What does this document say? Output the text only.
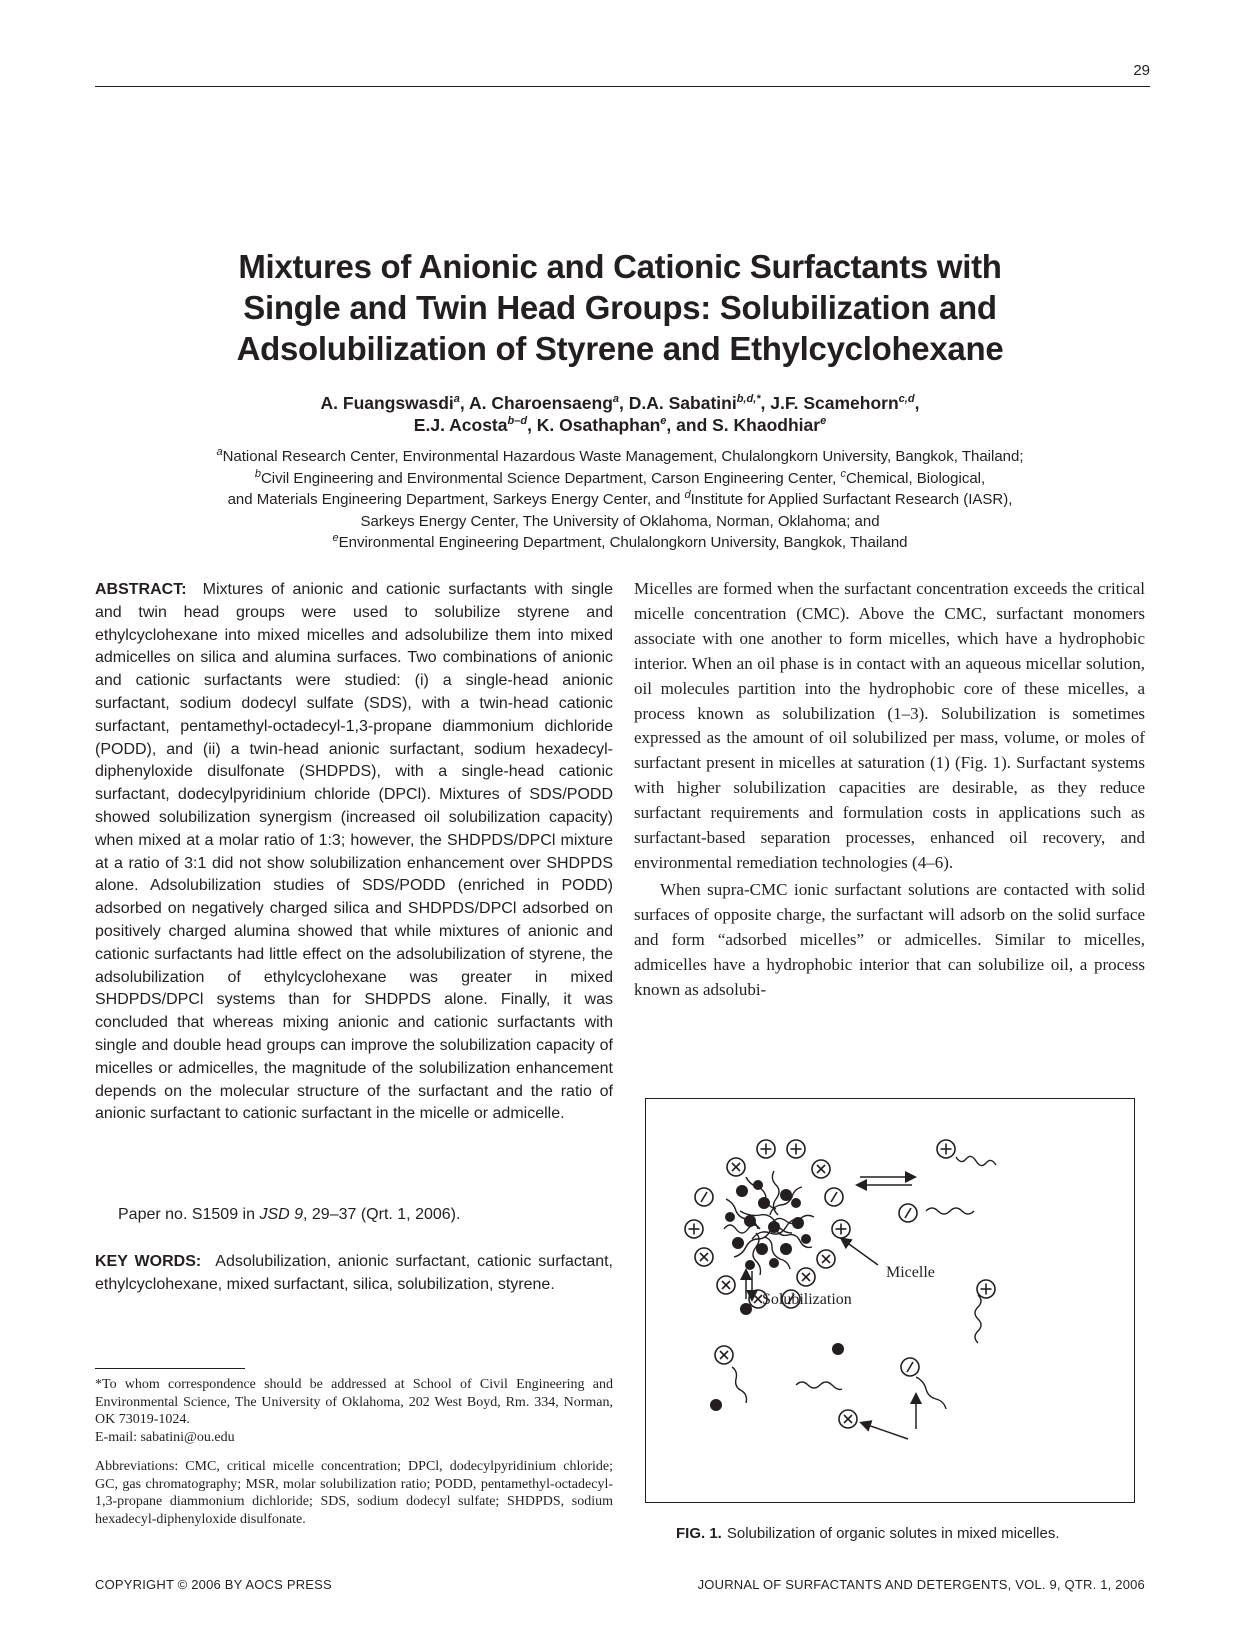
29
Mixtures of Anionic and Cationic Surfactants with
Single and Twin Head Groups: Solubilization and
Adsolubilization of Styrene and Ethylcyclohexane
A. Fuangswasdi$^a$, A. Charoensaeng$^a$, D.A. Sabatini$^{b,d,*}$, J.F. Scamehorn$^{c,d}$,
E.J. Acosta$^{b-d}$, K. Osathaphan$^e$, and S. Khaodhiar$^e$
$^a$National Research Center, Environmental Hazardous Waste Management, Chulalongkorn University, Bangkok, Thailand;
$^b$Civil Engineering and Environmental Science Department, Carson Engineering Center, $^c$Chemical, Biological,
and Materials Engineering Department, Sarkeys Energy Center, and $^d$Institute for Applied Surfactant Research (IASR),
Sarkeys Energy Center, The University of Oklahoma, Norman, Oklahoma; and
$^e$Environmental Engineering Department, Chulalongkorn University, Bangkok, Thailand

ABSTRACT: Mixtures of anionic and cationic surfactants with single and twin head groups were used to solubilize styrene and ethylcyclohexane into mixed micelles and adsolubilize them into mixed admicelles on silica and alumina surfaces. Two combinations of anionic and cationic surfactants were studied: (i) a single-head anionic surfactant, sodium dodecyl sulfate (SDS), with a twin-head cationic surfactant, pentamethyl-octadecyl-1,3-propane diammonium dichloride (PODD), and (ii) a twin-head anionic surfactant, sodium hexadecyl-diphenyloxide disulfonate (SHDPDS), with a single-head cationic surfactant, dodecylpyridinium chloride (DPCl). Mixtures of SDS/PODD showed solubilization synergism (increased oil solubilization capacity) when mixed at a molar ratio of 1:3; however, the SHDPDS/DPCl mixture at a ratio of 3:1 did not show solubilization enhancement over SHDPDS alone. Adsolubilization studies of SDS/PODD (enriched in PODD) adsorbed on negatively charged silica and SHDPDS/DPCl adsorbed on positively charged alumina showed that while mixtures of anionic and cationic surfactants had little effect on the adsolubilization of styrene, the adsolubilization of ethylcyclohexane was greater in mixed SHDPDS/DPCl systems than for SHDPDS alone. Finally, it was concluded that whereas mixing anionic and cationic surfactants with single and double head groups can improve the solubilization capacity of micelles or admicelles, the magnitude of the solubilization enhancement depends on the molecular structure of the surfactant and the ratio of anionic surfactant to cationic surfactant in the micelle or admicelle.

Paper no. S1509 in JSD 9, 29–37 (Qrt. 1, 2006).

KEY WORDS: Adsolubilization, anionic surfactant, cationic surfactant, ethylcyclohexane, mixed surfactant, silica, solubilization, styrene.

*To whom correspondence should be addressed at School of Civil Engineering and Environmental Science, The University of Oklahoma, 202 West Boyd, Rm. 334, Norman, OK 73019-1024.
E-mail: sabatini@ou.edu

Abbreviations: CMC, critical micelle concentration; DPCl, dodecylpyridinium chloride; GC, gas chromatography; MSR, molar solubilization ratio; PODD, pentamethyl-octadecyl-1,3-propane diammonium dichloride; SDS, sodium dodecyl sulfate; SHDPDS, sodium hexadecyl-diphenyloxide disulfonate.

Micelles are formed when the surfactant concentration exceeds the critical micelle concentration (CMC). Above the CMC, surfactant monomers associate with one another to form micelles, which have a hydrophobic interior. When an oil phase is in contact with an aqueous micellar solution, oil molecules partition into the hydrophobic core of these micelles, a process known as solubilization (1–3). Solubilization is sometimes expressed as the amount of oil solubilized per mass, volume, or moles of surfactant present in micelles at saturation (1) (Fig. 1). Surfactant systems with higher solubilization capacities are desirable, as they reduce surfactant requirements and formulation costs in applications such as surfactant-based separation processes, enhanced oil recovery, and environmental remediation technologies (4–6).

When supra-CMC ionic surfactant solutions are contacted with solid surfaces of opposite charge, the surfactant will adsorb on the solid surface and form “adsorbed micelles” or admicelles. Similar to micelles, admicelles have a hydrophobic interior that can solubilize oil, a process known as adsolubi-

Micelle
Solubilization
FIG. 1. Solubilization of organic solutes in mixed micelles.
COPYRIGHT © 2006 BY AOCS PRESS	JOURNAL OF SURFACTANTS AND DETERGENTS, VOL. 9, QTR. 1, 2006
